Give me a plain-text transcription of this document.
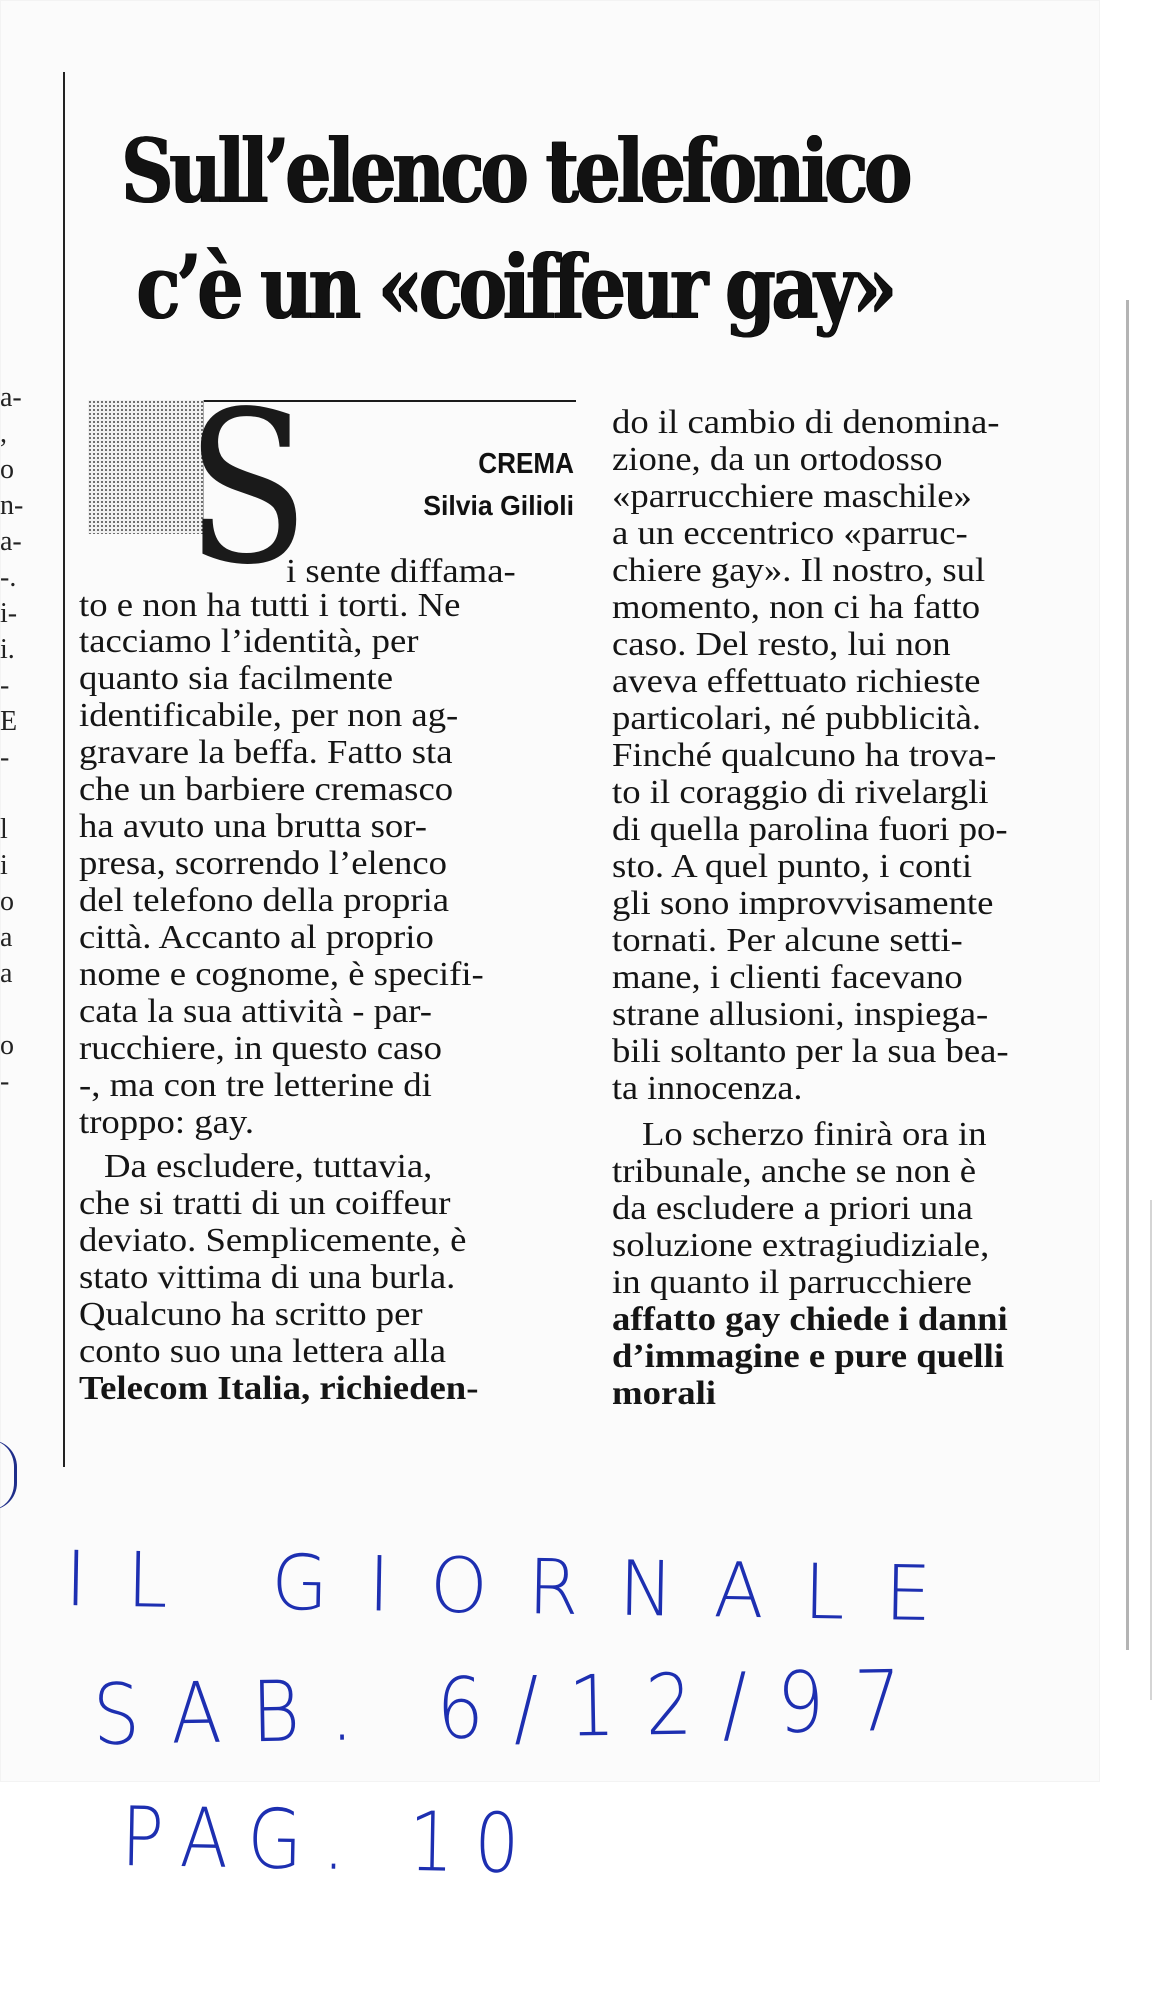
a-
,
o
n-
a-
-.
i-
i.
-
E
-
l
i
o
a
a
o
-
Sull’elenco telefonico
c’è un «coiffeur gay»
S	CREMA
Silvia Gilioli
i sente diffama-
to e non ha tutti i torti. Ne
tacciamo l’identità, per
quanto sia facilmente
identificabile, per non ag-
gravare la beffa. Fatto sta
che un barbiere cremasco
ha avuto una brutta sor-
presa, scorrendo l’elenco
del telefono della propria
città. Accanto al proprio
nome e cognome, è specifi-
cata la sua attività - par-
rucchiere, in questo caso
-, ma con tre letterine di
troppo: gay.
Da escludere, tuttavia,
che si tratti di un coiffeur
deviato. Semplicemente, è
stato vittima di una burla.
Qualcuno ha scritto per
conto suo una lettera alla
Telecom Italia, richieden-
do il cambio di denomina-
zione, da un ortodosso
«parrucchiere maschile»
a un eccentrico «parruc-
chiere gay». Il nostro, sul
momento, non ci ha fatto
caso. Del resto, lui non
aveva effettuato richieste
particolari, né pubblicità.
Finché qualcuno ha trova-
to il coraggio di rivelargli
di quella parolina fuori po-
sto. A quel punto, i conti
gli sono improvvisamente
tornati. Per alcune setti-
mane, i clienti facevano
strane allusioni, inspiega-
bili soltanto per la sua bea-
ta innocenza.
Lo scherzo finirà ora in
tribunale, anche se non è
da escludere a priori una
soluzione extragiudiziale,
in quanto il parrucchiere
affatto gay chiede i danni
d’immagine e pure quelli
morali
IL GIORNALE
SAB. 6/12/97
PAG. 10
